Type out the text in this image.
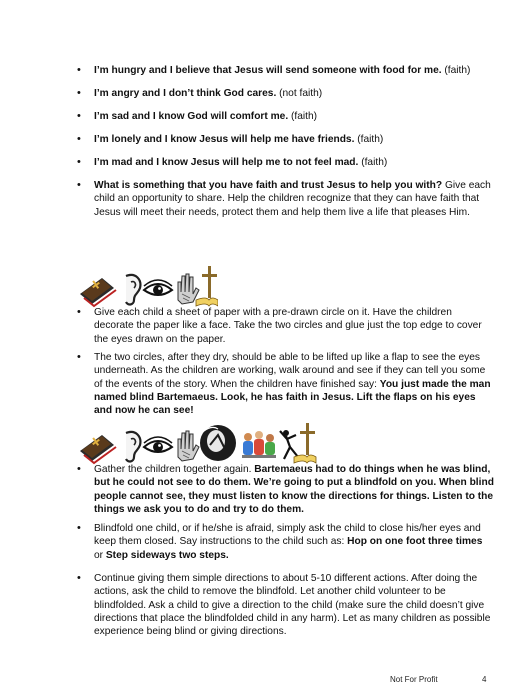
• I’m hungry and I believe that Jesus will send someone with food for me. (faith)
• I’m angry and I don’t think God cares. (not faith)
• I’m sad and I know God will comfort me. (faith)
• I’m lonely and I know Jesus will help me have friends. (faith)
• I’m mad and I know Jesus will help me to not feel mad. (faith)
• What is something that you have faith and trust Jesus to help you with? Give each child an opportunity to share. Help the children recognize that they can have faith that Jesus will meet their needs, protect them and help them live a life that pleases Him.
• Give each child a sheet of paper with a pre-drawn circle on it. Have the children decorate the paper like a face. Take the two circles and glue just the top edge to cover the eyes drawn on the paper.
• The two circles, after they dry, should be able to be lifted up like a flap to see the eyes underneath. As the children are working, walk around and see if they can tell you some of the events of the story. When the children have finished say: You just made the man named blind Bartemaeus. Look, he has faith in Jesus. Lift the flaps on his eyes and now he can see!
• Gather the children together again. Bartemaeus had to do things when he was blind, but he could not see to do them. We’re going to put a blindfold on you. When blind people cannot see, they must listen to know the directions for things. Listen to the things we ask you to do and try to do them.
• Blindfold one child, or if he/she is afraid, simply ask the child to close his/her eyes and keep them closed. Say instructions to the child such as: Hop on one foot three times or Step sideways two steps.
• Continue giving them simple directions to about 5-10 different actions. After doing the actions, ask the child to remove the blindfold. Let another child volunteer to be blindfolded. Ask a child to give a direction to the child (make sure the child doesn’t give directions that place the blindfolded child in any harm). Let as many children as possible experience being blind or giving directions.
Not For Profit	4
